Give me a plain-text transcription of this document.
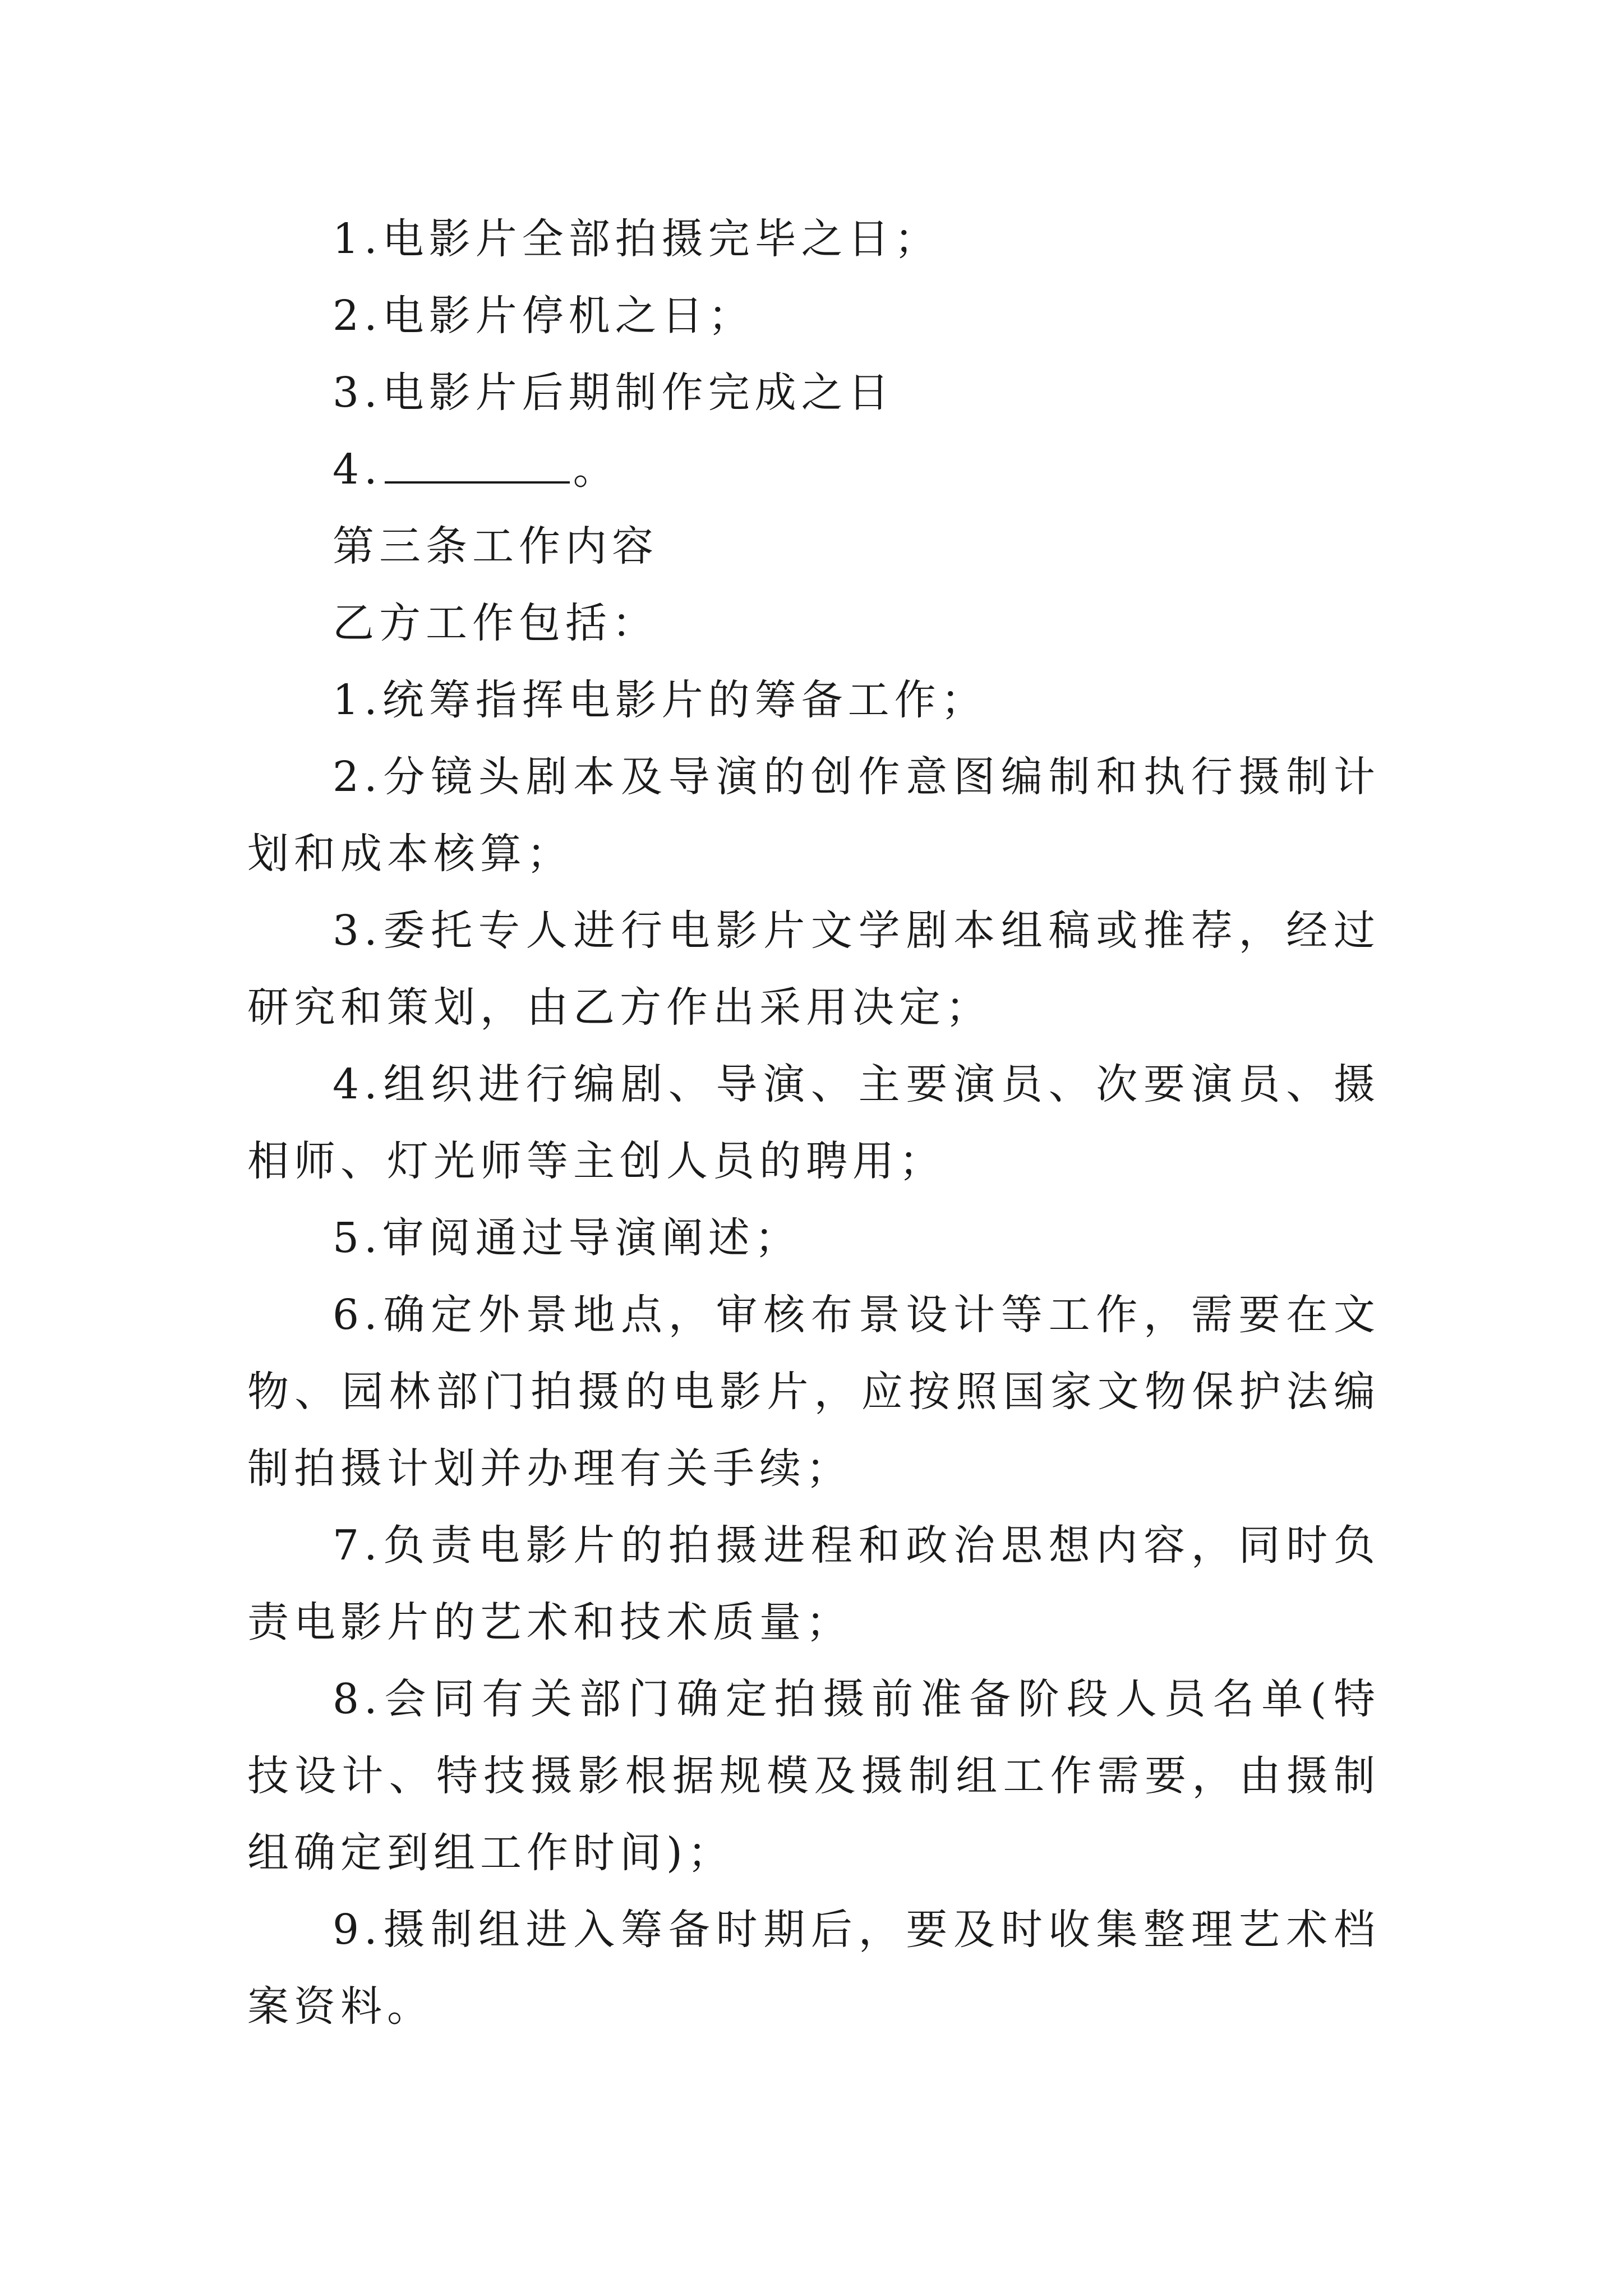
1.电影片全部拍摄完毕之日；

2.电影片停机之日；

3.电影片后期制作完成之日

4.	。

第三条工作内容

乙方工作包括：

1.统筹指挥电影片的筹备工作；

2.分镜头剧本及导演的创作意图编制和执行摄制计划和成本核算；

3.委托专人进行电影片文学剧本组稿或推荐，经过研究和策划，由乙方作出采用决定；

4.组织进行编剧、导演、主要演员、次要演员、摄相师、灯光师等主创人员的聘用；

5.审阅通过导演阐述；

6.确定外景地点，审核布景设计等工作，需要在文物、园林部门拍摄的电影片，应按照国家文物保护法编制拍摄计划并办理有关手续；

7.负责电影片的拍摄进程和政治思想内容，同时负责电影片的艺术和技术质量；

8.会同有关部门确定拍摄前准备阶段人员名单(特技设计、特技摄影根据规模及摄制组工作需要，由摄制组确定到组工作时间)；

9.摄制组进入筹备时期后，要及时收集整理艺术档案资料。
